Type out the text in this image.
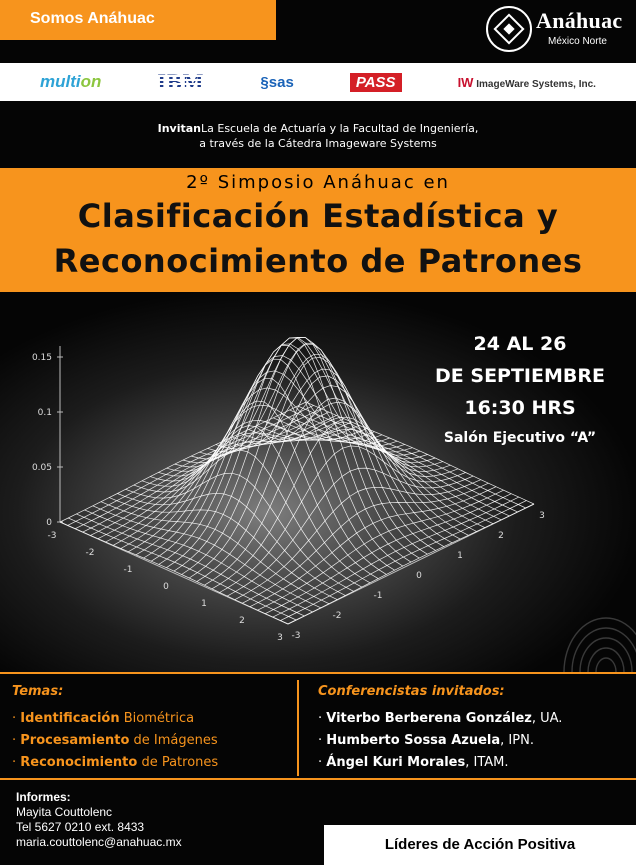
Somos Anáhuac	Anáhuac
México Norte
multion	IBM	§sas	PASS	IW ImageWare Systems, Inc.
InvitanLa Escuela de Actuaría y la Facultad de Ingeniería,
a través de la Cátedra Imageware Systems
2º Simposio Anáhuac en
Clasificación Estadística y
Reconocimiento de Patrones
0.15
0.1
0.05
0
-3
-2
-1
0
1
2
3 -3
-2
-1
0
1
2
3
24 AL 26
DE SEPTIEMBRE
16:30 HRS
Salón Ejecutivo “A”
Temas:
· Identificación Biométrica
· Procesamiento de Imágenes
· Reconocimiento de Patrones
Conferencistas invitados:
· Viterbo Berberena González, UA.
· Humberto Sossa Azuela, IPN.
· Ángel Kuri Morales, ITAM.
Informes:
Mayita Couttolenc
Tel 5627 0210 ext. 8433
maria.couttolenc@anahuac.mx	Líderes de Acción Positiva
